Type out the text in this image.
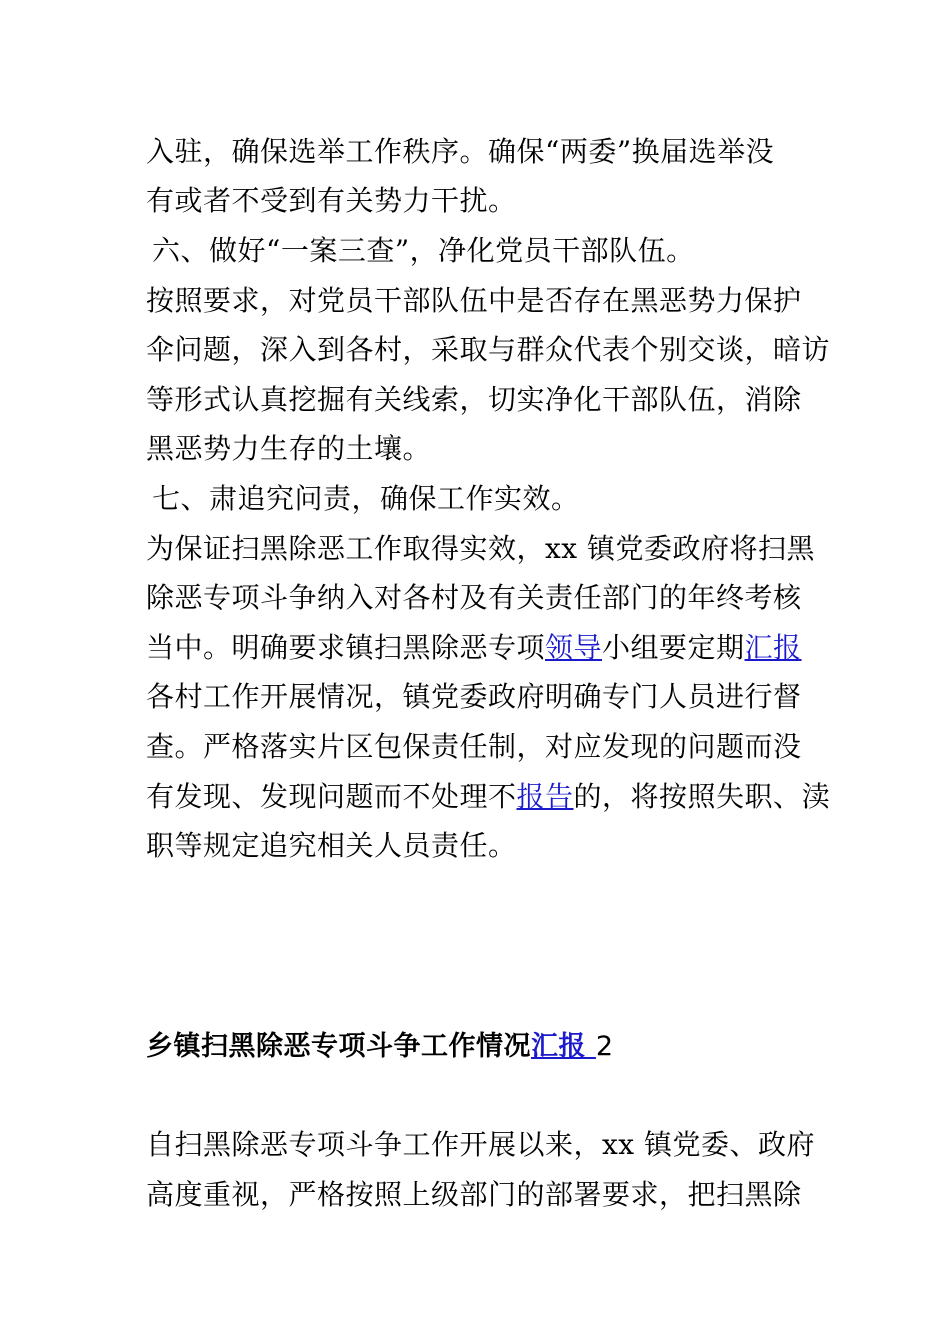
入驻，确保选举工作秩序。确保“两委”换届选举没
有或者不受到有关势力干扰。
六、做好“一案三查”，净化党员干部队伍。
按照要求，对党员干部队伍中是否存在黑恶势力保护
伞问题，深入到各村，采取与群众代表个别交谈，暗访
等形式认真挖掘有关线索，切实净化干部队伍，消除
黑恶势力生存的土壤。
七、肃追究问责，确保工作实效。
为保证扫黑除恶工作取得实效，xx 镇党委政府将扫黑
除恶专项斗争纳入对各村及有关责任部门的年终考核
当中。明确要求镇扫黑除恶专项领导小组要定期汇报
各村工作开展情况，镇党委政府明确专门人员进行督
查。严格落实片区包保责任制，对应发现的问题而没
有发现、发现问题而不处理不报告的，将按照失职、渎
职等规定追究相关人员责任。
乡镇扫黑除恶专项斗争工作情况汇报 2
自扫黑除恶专项斗争工作开展以来，xx 镇党委、政府
高度重视，严格按照上级部门的部署要求，把扫黑除
